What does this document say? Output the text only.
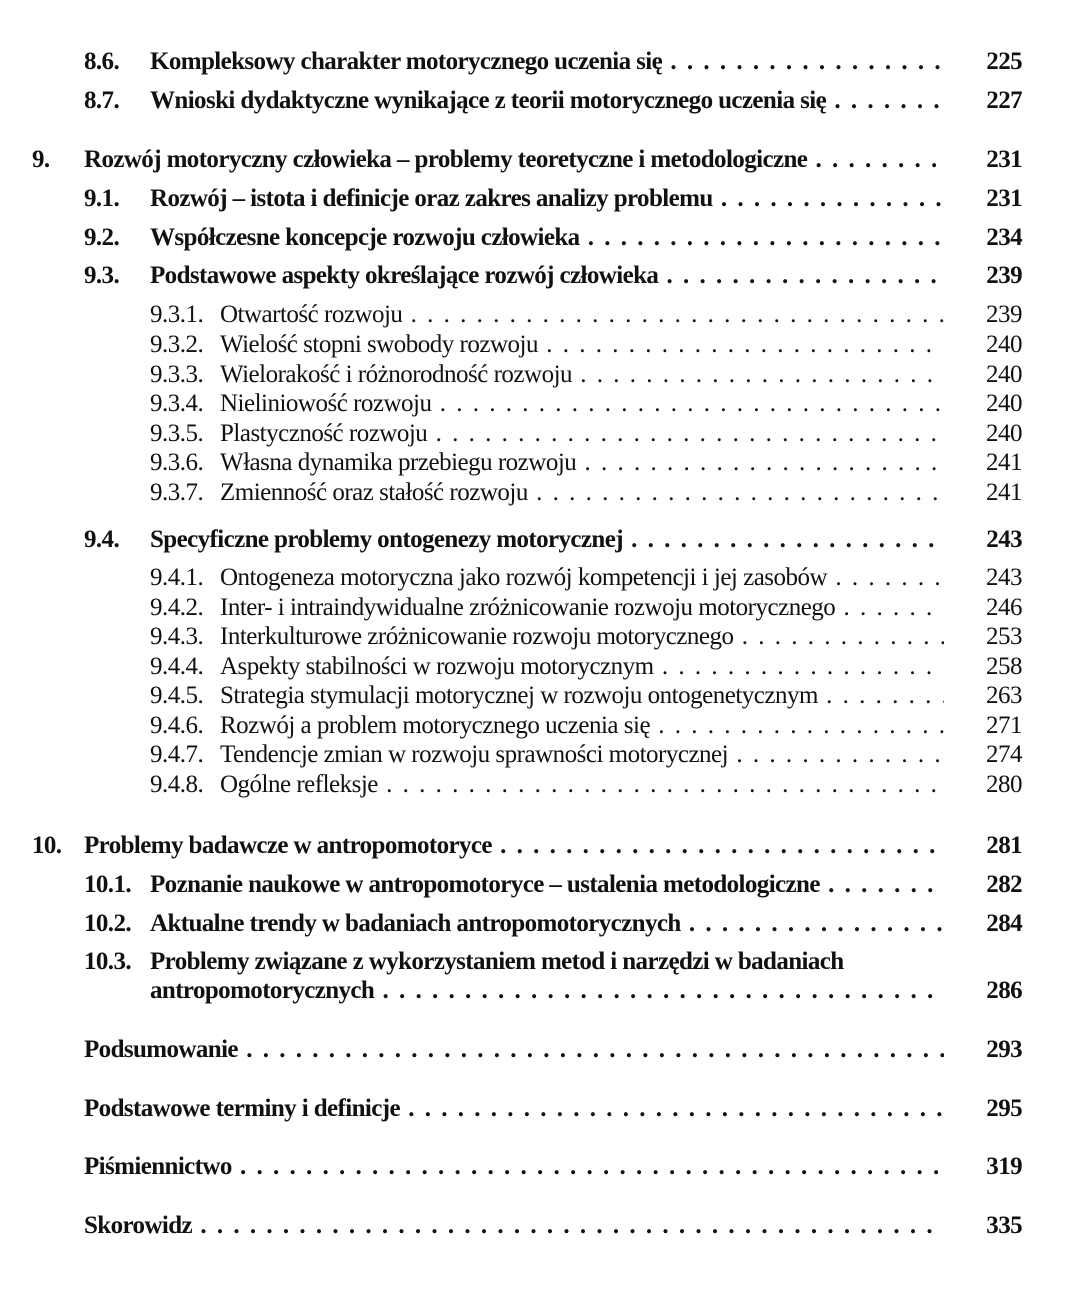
8.6. Kompleksowy charakter motorycznego uczenia się . . .	225
8.7. Wnioski dydaktyczne wynikające z teorii motorycznego uczenia się . . .	227
9. Rozwój motoryczny człowieka – problemy teoretyczne i metodologiczne . . .	231
9.1. Rozwój – istota i definicje oraz zakres analizy problemu . . .	231
9.2. Współczesne koncepcje rozwoju człowieka . . .	234
9.3. Podstawowe aspekty określające rozwój człowieka . . .	239
9.3.1. Otwartość rozwoju . . .	239
9.3.2. Wielość stopni swobody rozwoju . . .	240
9.3.3. Wielorakość i różnorodność rozwoju . . .	240
9.3.4. Nieliniowość rozwoju . . .	240
9.3.5. Plastyczność rozwoju . . .	240
9.3.6. Własna dynamika przebiegu rozwoju . . .	241
9.3.7. Zmienność oraz stałość rozwoju . . .	241
9.4. Specyficzne problemy ontogenezy motorycznej . . .	243
9.4.1. Ontogeneza motoryczna jako rozwój kompetencji i jej zasobów . . .	243
9.4.2. Inter- i intraindywidualne zróżnicowanie rozwoju motorycznego . . .	246
9.4.3. Interkulturowe zróżnicowanie rozwoju motorycznego . . .	253
9.4.4. Aspekty stabilności w rozwoju motorycznym . . .	258
9.4.5. Strategia stymulacji motorycznej w rozwoju ontogenetycznym . . .	263
9.4.6. Rozwój a problem motorycznego uczenia się . . .	271
9.4.7. Tendencje zmian w rozwoju sprawności motorycznej . . .	274
9.4.8. Ogólne refleksje . . .	280
10. Problemy badawcze w antropomotoryce . . .	281
10.1. Poznanie naukowe w antropomotoryce – ustalenia metodologiczne . . .	282
10.2. Aktualne trendy w badaniach antropomotorycznych . . .	284
10.3. Problemy związane z wykorzystaniem metod i narzędzi w badaniach
antropomotorycznych . . .	286
Podsumowanie . . .	293
Podstawowe terminy i definicje . . .	295
Piśmiennictwo . . .	319
Skorowidz . . .	335
